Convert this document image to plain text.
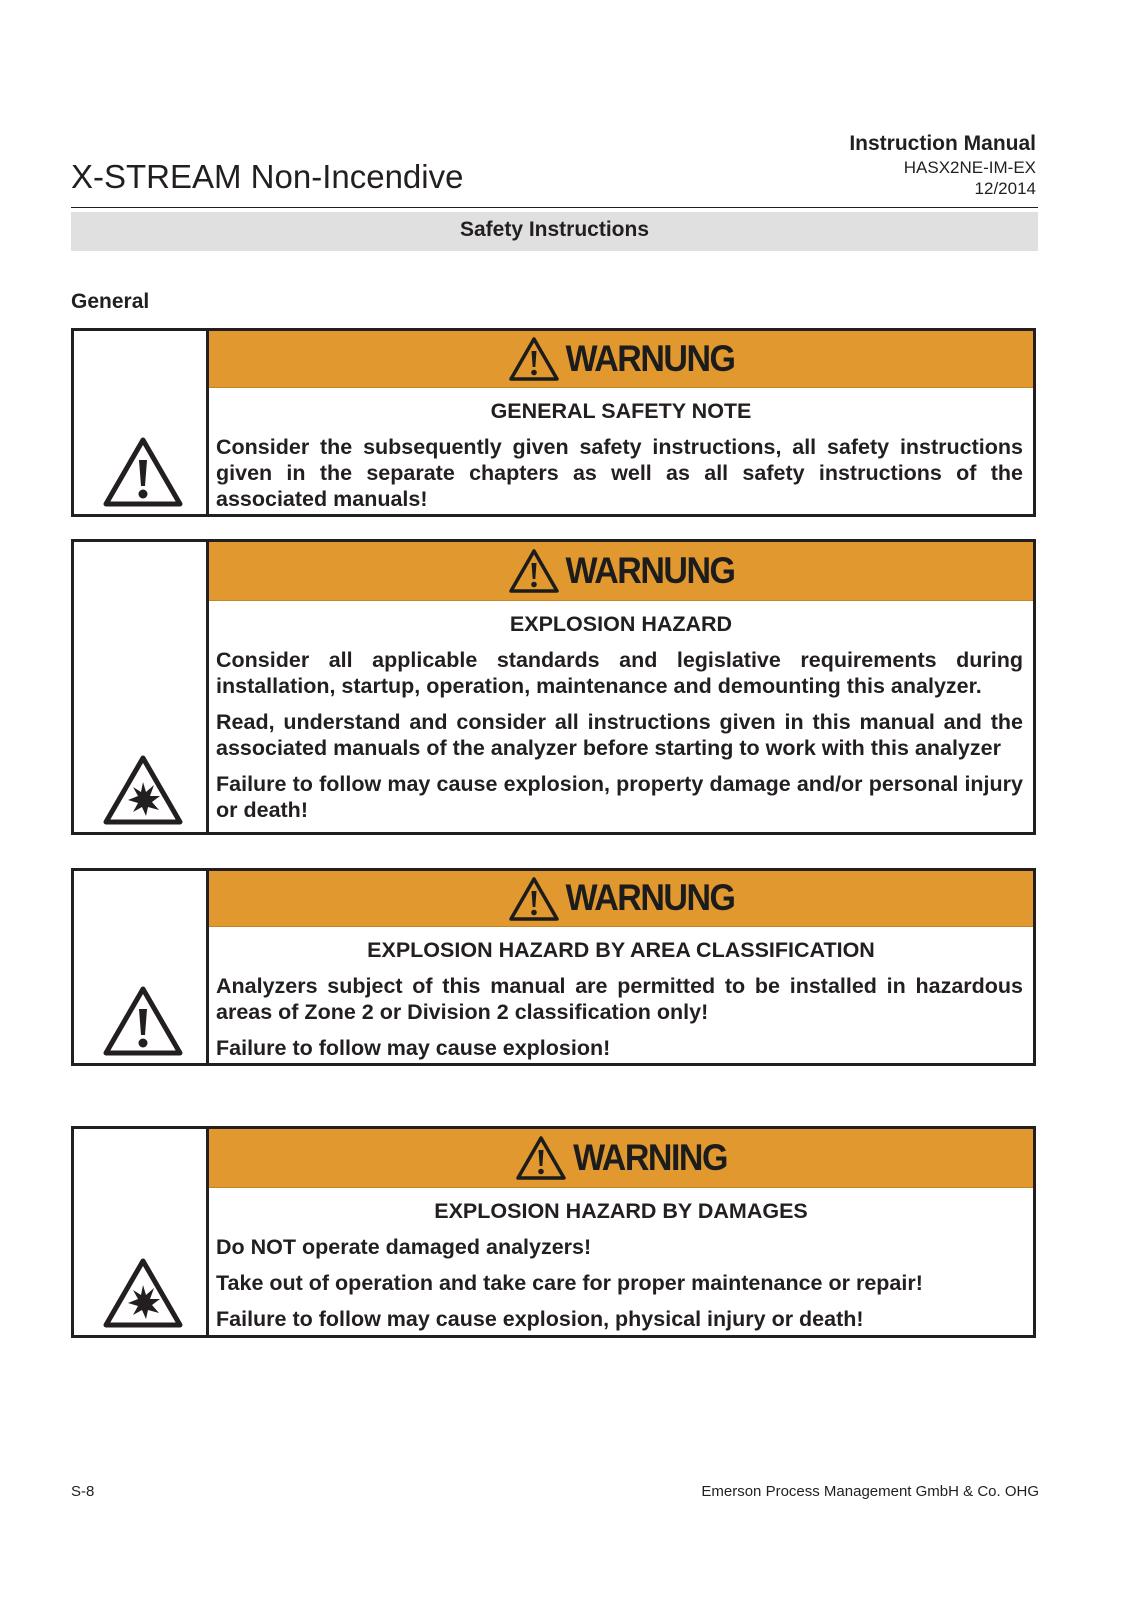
X-STREAM Non-Incendive
Instruction Manual
HASX2NE-IM-EX
12/2014
Safety Instructions
General
WARNUNG
GENERAL SAFETY NOTE
Consider the subsequently given safety instructions, all safety instructions given in the separate chapters as well as all safety instructions of the associated manuals!
WARNUNG
EXPLOSION HAZARD
Consider all applicable standards and legislative requirements during installation, startup, operation, maintenance and demounting this analyzer.
Read, understand and consider all instructions given in this manual and the associated manuals of the analyzer before starting to work with this analyzer
Failure to follow may cause explosion, property damage and/or personal injury or death!
WARNUNG
EXPLOSION HAZARD BY AREA CLASSIFICATION
Analyzers subject of this manual are permitted to be installed in hazardous areas of Zone 2 or Division 2 classification only!
Failure to follow may cause explosion!
WARNING
EXPLOSION HAZARD BY DAMAGES
Do NOT operate damaged analyzers!
Take out of operation and take care for proper maintenance or repair!
Failure to follow may cause explosion, physical injury or death!
S-8	Emerson Process Management GmbH & Co. OHG
